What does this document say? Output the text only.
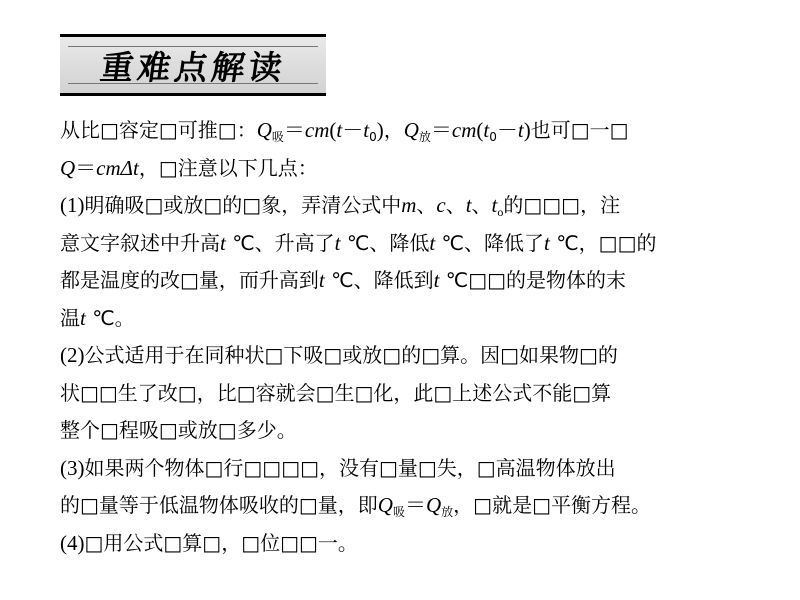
重难点解读
从比□容定□可推□：$Q_吸=cm(t-t_0)$，$Q_放=cm(t_0-t)$也可□一□
Q＝cmΔt，□注意以下几点：
(1)明确吸□或放□的□象，弄清公式中m、c、t、$t_o$的□□□，注
意文字叙述中升高t ℃、升高了t ℃、降低t ℃、降低了t ℃，□□的
都是温度的改□量，而升高到t ℃、降低到t ℃□□的是物体的末
温t ℃。
(2)公式适用于在同种状□下吸□或放□的□算。因□如果物□的
状□□生了改□，比□容就会□生□化，此□上述公式不能□算
整个□程吸□或放□多少。
(3)如果两个物体□行□□□□，没有□量□失，□高温物体放出
的□量等于低温物体吸收的□量，即$Q_吸=Q_放$，□就是□平衡方程。
(4)□用公式□算□，□位□□一。
